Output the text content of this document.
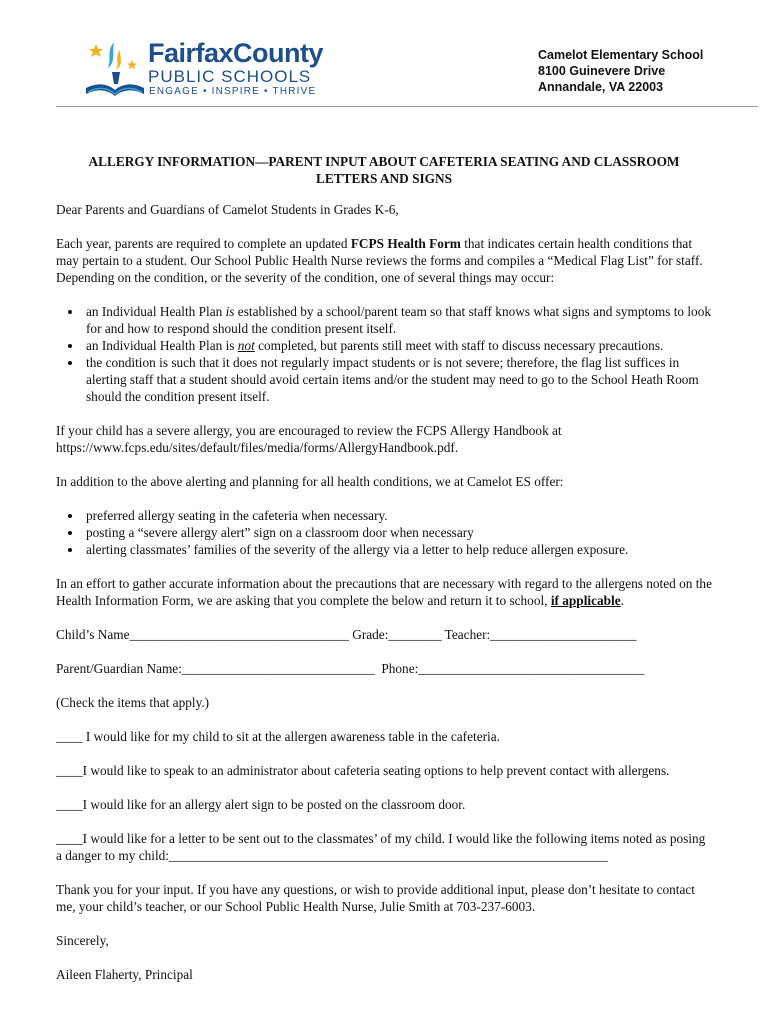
FairfaxCounty
PUBLIC SCHOOLS
ENGAGE • INSPIRE • THRIVE
Camelot Elementary School
8100 Guinevere Drive
Annandale, VA 22003
ALLERGY INFORMATION—PARENT INPUT ABOUT CAFETERIA SEATING AND CLASSROOM
LETTERS AND SIGNS

Dear Parents and Guardians of Camelot Students in Grades K-6,

Each year, parents are required to complete an updated FCPS Health Form that indicates certain health conditions that may pertain to a student. Our School Public Health Nurse reviews the forms and compiles a “Medical Flag List” for staff. Depending on the condition, or the severity of the condition, one of several things may occur:

• an Individual Health Plan is established by a school/parent team so that staff knows what signs and symptoms to look for and how to respond should the condition present itself.
• an Individual Health Plan is not completed, but parents still meet with staff to discuss necessary precautions.
• the condition is such that it does not regularly impact students or is not severe; therefore, the flag list suffices in alerting staff that a student should avoid certain items and/or the student may need to go to the School Heath Room should the condition present itself.

If your child has a severe allergy, you are encouraged to review the FCPS Allergy Handbook at https://www.fcps.edu/sites/default/files/media/forms/AllergyHandbook.pdf.

In addition to the above alerting and planning for all health conditions, we at Camelot ES offer:

• preferred allergy seating in the cafeteria when necessary.
• posting a “severe allergy alert” sign on a classroom door when necessary
• alerting classmates’ families of the severity of the allergy via a letter to help reduce allergen exposure.

In an effort to gather accurate information about the precautions that are necessary with regard to the allergens noted on the Health Information Form, we are asking that you complete the below and return it to school, if applicable.

Child’s Name_________________________________ Grade:________ Teacher:______________________
Parent/Guardian Name:_____________________________  Phone:__________________________________

(Check the items that apply.)

____ I would like for my child to sit at the allergen awareness table in the cafeteria.

____I would like to speak to an administrator about cafeteria seating options to help prevent contact with allergens.

____I would like for an allergy alert sign to be posted on the classroom door.

____I would like for a letter to be sent out to the classmates’ of my child. I would like the following items noted as posing a danger to my child:__________________________________________________________________

Thank you for your input. If you have any questions, or wish to provide additional input, please don’t hesitate to contact me, your child’s teacher, or our School Public Health Nurse, Julie Smith at 703-237-6003.

Sincerely,

Aileen Flaherty, Principal
